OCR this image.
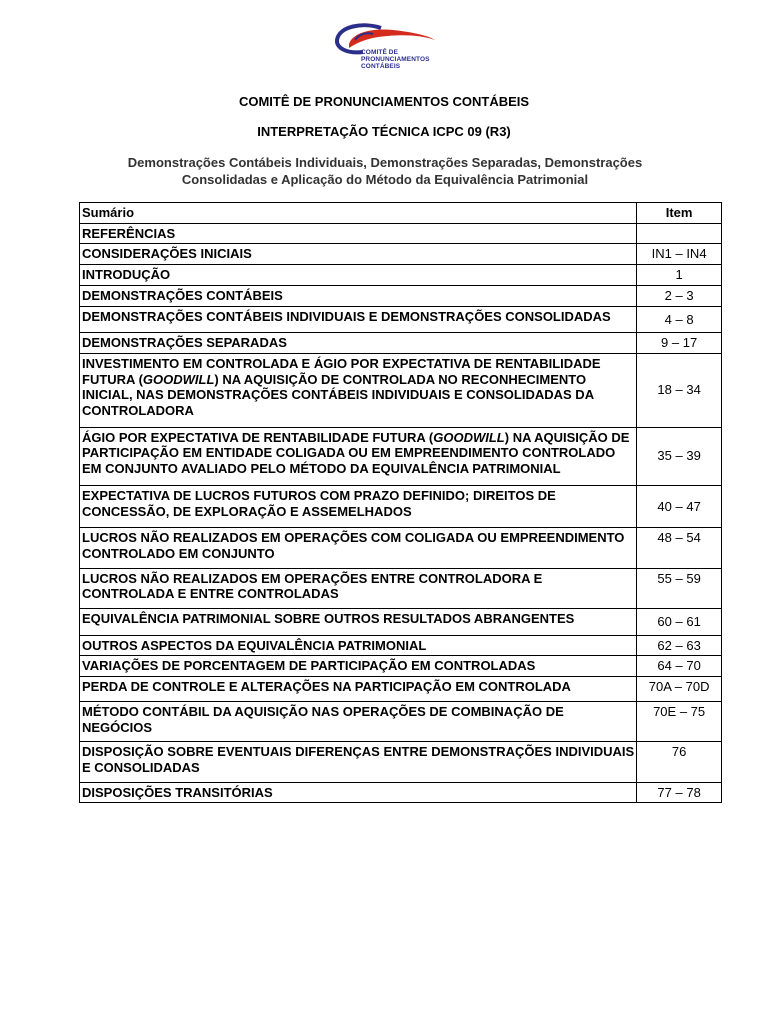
COMITÊ DE
PRONUNCIAMENTOS
CONTÁBEIS
COMITÊ DE PRONUNCIAMENTOS CONTÁBEIS
INTERPRETAÇÃO TÉCNICA ICPC 09 (R3)
Demonstrações Contábeis Individuais, Demonstrações Separadas, Demonstrações
Consolidadas e Aplicação do Método da Equivalência Patrimonial
Sumário	Item
REFERÊNCIAS	
CONSIDERAÇÕES INICIAIS	IN1 – IN4
INTRODUÇÃO	1
DEMONSTRAÇÕES CONTÁBEIS	2 – 3
DEMONSTRAÇÕES CONTÁBEIS INDIVIDUAIS E DEMONSTRAÇÕES CONSOLIDADAS	4 – 8
DEMONSTRAÇÕES SEPARADAS	9 – 17
INVESTIMENTO EM CONTROLADA E ÁGIO POR EXPECTATIVA DE RENTABILIDADE FUTURA (GOODWILL) NA AQUISIÇÃO DE CONTROLADA NO RECONHECIMENTO INICIAL, NAS DEMONSTRAÇÕES CONTÁBEIS INDIVIDUAIS E CONSOLIDADAS DA CONTROLADORA	18 – 34
ÁGIO POR EXPECTATIVA DE RENTABILIDADE FUTURA (GOODWILL) NA AQUISIÇÃO DE PARTICIPAÇÃO EM ENTIDADE COLIGADA OU EM EMPREENDIMENTO CONTROLADO EM CONJUNTO AVALIADO PELO MÉTODO DA EQUIVALÊNCIA PATRIMONIAL	35 – 39
EXPECTATIVA DE LUCROS FUTUROS COM PRAZO DEFINIDO; DIREITOS DE CONCESSÃO, DE EXPLORAÇÃO E ASSEMELHADOS	40 – 47
LUCROS NÃO REALIZADOS EM OPERAÇÕES COM COLIGADA OU EMPREENDIMENTO CONTROLADO EM CONJUNTO	48 – 54
LUCROS NÃO REALIZADOS EM OPERAÇÕES ENTRE CONTROLADORA E CONTROLADA E ENTRE CONTROLADAS	55 – 59
EQUIVALÊNCIA PATRIMONIAL SOBRE OUTROS RESULTADOS ABRANGENTES	60 – 61
OUTROS ASPECTOS DA EQUIVALÊNCIA PATRIMONIAL	62 – 63
VARIAÇÕES DE PORCENTAGEM DE PARTICIPAÇÃO EM CONTROLADAS	64 – 70
PERDA DE CONTROLE E ALTERAÇÕES NA PARTICIPAÇÃO EM CONTROLADA	70A – 70D
MÉTODO CONTÁBIL DA AQUISIÇÃO NAS OPERAÇÕES DE COMBINAÇÃO DE NEGÓCIOS	70E – 75
DISPOSIÇÃO SOBRE EVENTUAIS DIFERENÇAS ENTRE DEMONSTRAÇÕES INDIVIDUAIS E CONSOLIDADAS	76
DISPOSIÇÕES TRANSITÓRIAS	77 – 78
